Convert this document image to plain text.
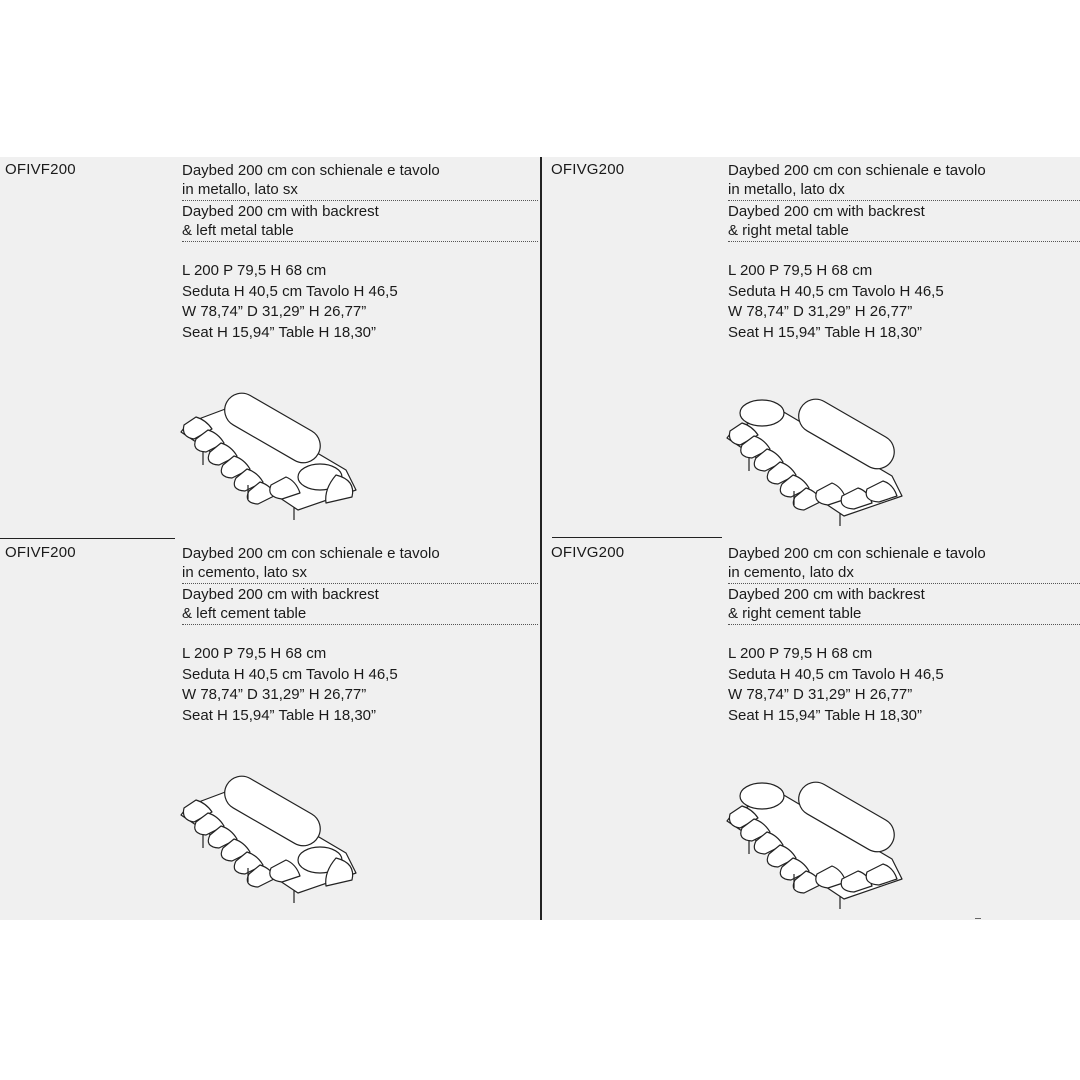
OFIVF200	Daybed 200 cm con schienale e tavolo
in metallo, lato sx
Daybed 200 cm with backrest
& left metal table
L 200 P 79,5 H 68 cm
Seduta H 40,5 cm Tavolo H 46,5
W 78,74” D 31,29” H 26,77”
Seat H 15,94” Table H 18,30”
OFIVG200	Daybed 200 cm con schienale e tavolo
in metallo, lato dx
Daybed 200 cm with backrest
& right metal table
L 200 P 79,5 H 68 cm
Seduta H 40,5 cm Tavolo H 46,5
W 78,74” D 31,29” H 26,77”
Seat H 15,94” Table H 18,30”
OFIVF200	Daybed 200 cm con schienale e tavolo
in cemento, lato sx
Daybed 200 cm with backrest
& left cement table
L 200 P 79,5 H 68 cm
Seduta H 40,5 cm Tavolo H 46,5
W 78,74” D 31,29” H 26,77”
Seat H 15,94” Table H 18,30”
OFIVG200	Daybed 200 cm con schienale e tavolo
in cemento, lato dx
Daybed 200 cm with backrest
& right cement table
L 200 P 79,5 H 68 cm
Seduta H 40,5 cm Tavolo H 46,5
W 78,74” D 31,29” H 26,77”
Seat H 15,94” Table H 18,30”
